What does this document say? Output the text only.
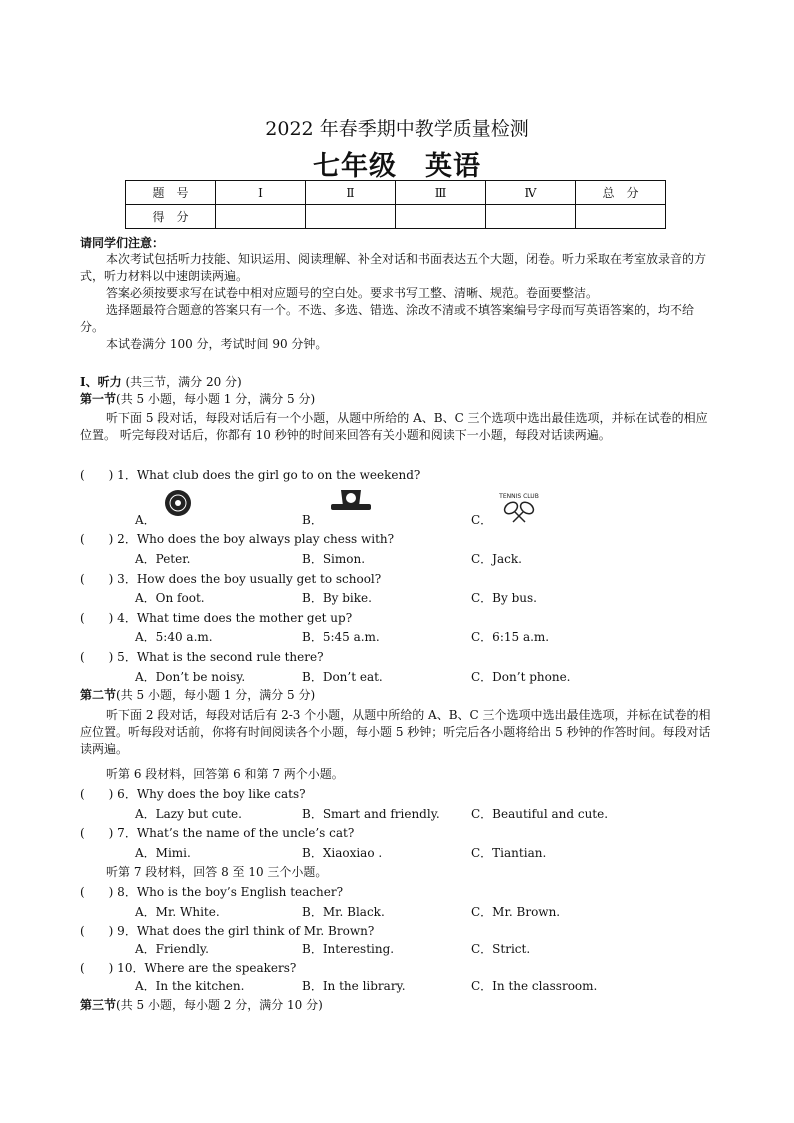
2022 年春季期中教学质量检测
七年级　英语
题　号	Ⅰ	Ⅱ	Ⅲ	Ⅳ	总　分
得　分					
请同学们注意：
本次考试包括听力技能、知识运用、阅读理解、补全对话和书面表达五个大题，闭卷。听力采取在考室放录音的方式，听力材料以中速朗读两遍。
答案必须按要求写在试卷中相对应题号的空白处。要求书写工整、清晰、规范。卷面要整洁。
选择题最符合题意的答案只有一个。不选、多选、错选、涂改不清或不填答案编号字母而写英语答案的，均不给分。
本试卷满分 100 分，考试时间 90 分钟。
Ⅰ、听力 (共三节，满分 20 分)
第一节(共 5 小题，每小题 1 分，满分 5 分)
听下面 5 段对话，每段对话后有一个小题，从题中所给的 A、B、C 三个选项中选出最佳选项，并标在试卷的相应位置。 听完每段对话后，你都有 10 秒钟的时间来回答有关小题和阅读下一小题，每段对话读两遍。
(　　) 1．What club does the girl go to on the weekend?
A．	B．	C．
TENNIS CLUB
(　　) 2．Who does the boy always play chess with?
A．Peter.	B．Simon.	C．Jack.
(　　) 3．How does the boy usually get to school?
A．On foot.	B．By bike.	C．By bus.
(　　) 4．What time does the mother get up?
A．5:40 a.m.	B．5:45 a.m.	C．6:15 a.m.
(　　) 5．What is the second rule there?
A．Don’t be noisy.	B．Don’t eat.	C．Don’t phone.
第二节(共 5 小题，每小题 1 分，满分 5 分)
听下面 2 段对话，每段对话后有 2-3 个小题，从题中所给的 A、B、C 三个选项中选出最佳选项，并标在试卷的相应位置。听每段对话前，你将有时间阅读各个小题，每小题 5 秒钟；听完后各小题将给出 5 秒钟的作答时间。每段对话读两遍。
听第 6 段材料，回答第 6 和第 7 两个小题。
(　　) 6．Why does the boy like cats?
A．Lazy but cute.	B．Smart and friendly.	C．Beautiful and cute.
(　　) 7．What’s the name of the uncle’s cat?
A．Mimi.	B．Xiaoxiao .	C．Tiantian.
听第 7 段材料，回答 8 至 10 三个小题。
(　　) 8．Who is the boy’s English teacher?
A．Mr. White.	B．Mr. Black.	C．Mr. Brown.
(　　) 9．What does the girl think of Mr. Brown?
A．Friendly.	B．Interesting.	C．Strict.
(　　) 10．Where are the speakers?
A．In the kitchen.	B．In the library.	C．In the classroom.
第三节(共 5 小题，每小题 2 分，满分 10 分)
